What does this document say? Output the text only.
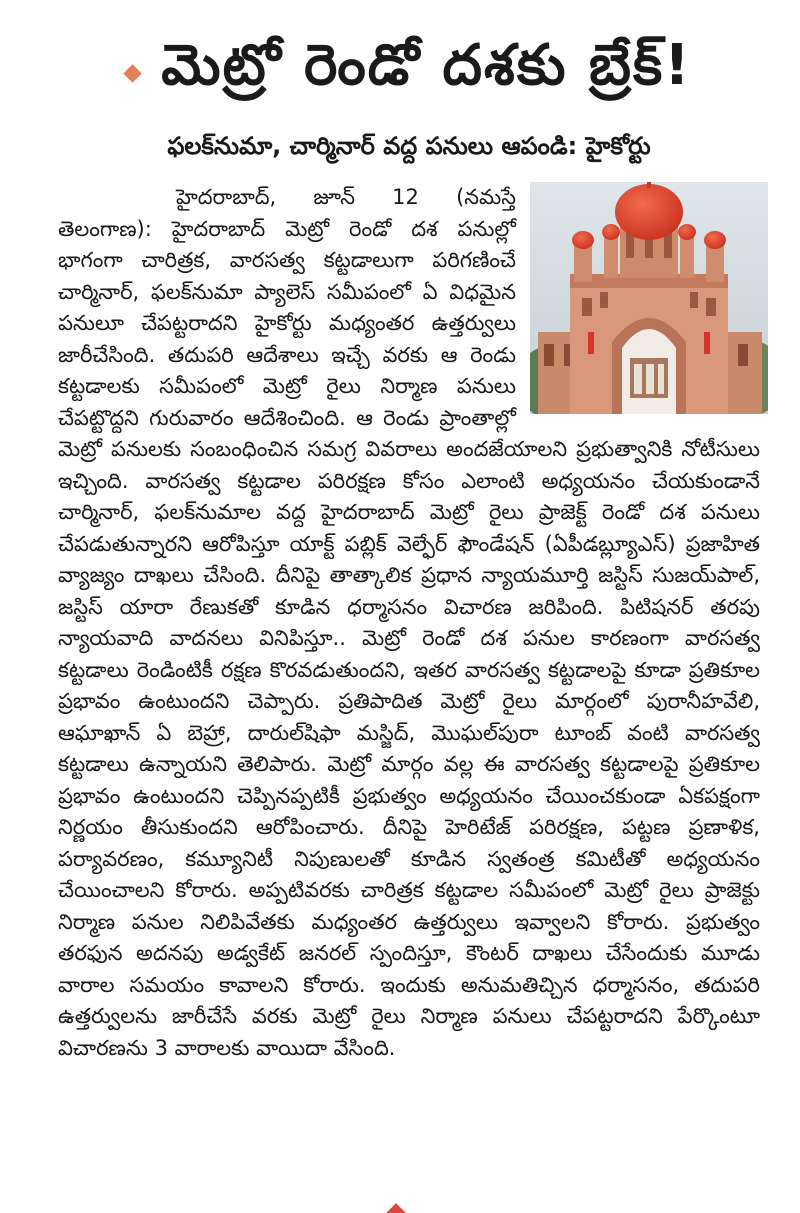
మెట్రో రెండో దశకు బ్రేక్!
ఫలక్‌నుమా, చార్మినార్ వద్ద పనులు ఆపండి: హైకోర్టు

హైదరాబాద్, జూన్ 12 (నమస్తే తెలంగాణ): హైదరాబాద్ మెట్రో రెండో దశ పనుల్లో భాగంగా చారిత్రక, వారసత్వ కట్టడాలుగా పరిగణించే చార్మినార్, ఫలక్‌నుమా ప్యాలెస్ సమీపంలో ఏ విధమైన పనులూ చేపట్టరాదని హైకోర్టు మధ్యంతర ఉత్తర్వులు జారీచేసింది. తదుపరి ఆదేశాలు ఇచ్చే వరకు ఆ రెండు కట్టడాలకు సమీపంలో మెట్రో రైలు నిర్మాణ పనులు చేపట్టొద్దని గురువారం ఆదేశించింది. ఆ రెండు ప్రాంతాల్లో మెట్రో పనులకు సంబంధించిన సమగ్ర వివరాలు అందజేయాలని ప్రభుత్వానికి నోటీసులు ఇచ్చింది. వారసత్వ కట్టడాల పరిరక్షణ కోసం ఎలాంటి అధ్యయనం చేయకుండానే చార్మినార్, ఫలక్‌నుమాల వద్ద హైదరాబాద్ మెట్రో రైలు ప్రాజెక్ట్ రెండో దశ పనులు చేపడుతున్నారని ఆరోపిస్తూ యాక్ట్ పబ్లిక్ వెల్ఫేర్ ఫౌండేషన్ (ఏపీడబ్ల్యూఎస్) ప్రజాహిత వ్యాజ్యం దాఖలు చేసింది. దీనిపై తాత్కాలిక ప్రధాన న్యాయమూర్తి జస్టిస్ సుజయ్‌పాల్, జస్టిస్ యారా రేణుకతో కూడిన ధర్మాసనం విచారణ జరిపింది. పిటిషనర్ తరపు న్యాయవాది వాదనలు వినిపిస్తూ.. మెట్రో రెండో దశ పనుల కారణంగా వారసత్వ కట్టడాలు రెండింటికీ రక్షణ కొరవడుతుందని, ఇతర వారసత్వ కట్టడాలపై కూడా ప్రతికూల ప్రభావం ఉంటుందని చెప్పారు. ప్రతిపాదిత మెట్రో రైలు మార్గంలో పురానీహవేలి, ఆఘాఖాన్ ఏ బెహ్రా, దారుల్‌షిఫా మస్జిద్, మొఘల్‌పురా టూంబ్ వంటి వారసత్వ కట్టడాలు ఉన్నాయని తెలిపారు. మెట్రో మార్గం వల్ల ఈ వారసత్వ కట్టడాలపై ప్రతికూల ప్రభావం ఉంటుందని చెప్పినప్పటికీ ప్రభుత్వం అధ్యయనం చేయించకుండా ఏకపక్షంగా నిర్ణయం తీసుకుందని ఆరోపించారు. దీనిపై హెరిటేజ్ పరిరక్షణ, పట్టణ ప్రణాళిక, పర్యావరణం, కమ్యూనిటీ నిపుణులతో కూడిన స్వతంత్ర కమిటీతో అధ్యయనం చేయించాలని కోరారు. అప్పటివరకు చారిత్రక కట్టడాల సమీపంలో మెట్రో రైలు ప్రాజెక్టు నిర్మాణ పనుల నిలిపివేతకు మధ్యంతర ఉత్తర్వులు ఇవ్వాలని కోరారు. ప్రభుత్వం తరఫున అదనపు అడ్వకేట్ జనరల్ స్పందిస్తూ, కౌంటర్ దాఖలు చేసేందుకు మూడు వారాల సమయం కావాలని కోరారు. ఇందుకు అనుమతిచ్చిన ధర్మాసనం, తదుపరి ఉత్తర్వులను జారీచేసే వరకు మెట్రో రైలు నిర్మాణ పనులు చేపట్టరాదని పేర్కొంటూ విచారణను 3 వారాలకు వాయిదా వేసింది.
